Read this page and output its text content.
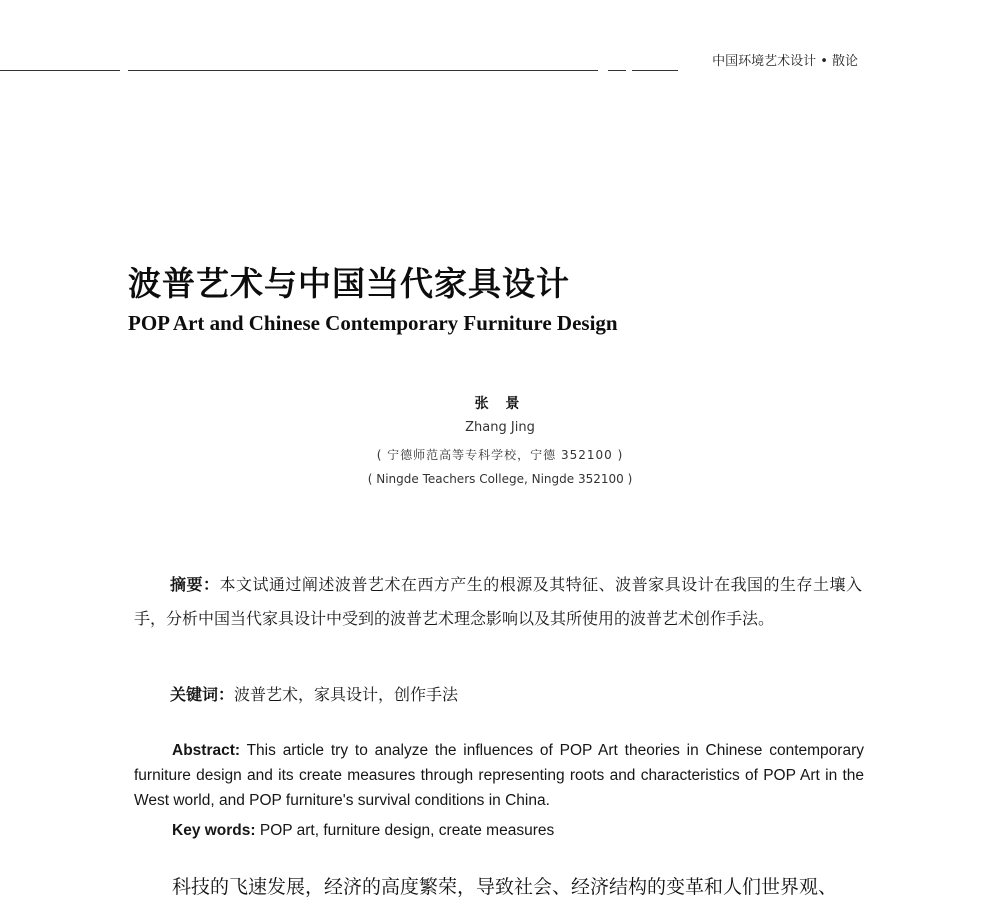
中国环境艺术设计 • 散论
波普艺术与中国当代家具设计
POP Art and Chinese Contemporary Furniture Design
张 景
Zhang Jing
( 宁德师范高等专科学校，宁德 352100 )
( Ningde Teachers College, Ningde 352100 )
摘要：本文试通过阐述波普艺术在西方产生的根源及其特征、波普家具设计在我国的生存土壤入手，分析中国当代家具设计中受到的波普艺术理念影响以及其所使用的波普艺术创作手法。
关键词：波普艺术，家具设计，创作手法
Abstract: This article try to analyze the influences of POP Art theories in Chinese contemporary furniture design and its create measures through representing roots and characteristics of POP Art in the West world, and POP furniture's survival conditions in China.
Key words: POP art, furniture design, create measures
科技的飞速发展，经济的高度繁荣，导致社会、经济结构的变革和人们世界观、
